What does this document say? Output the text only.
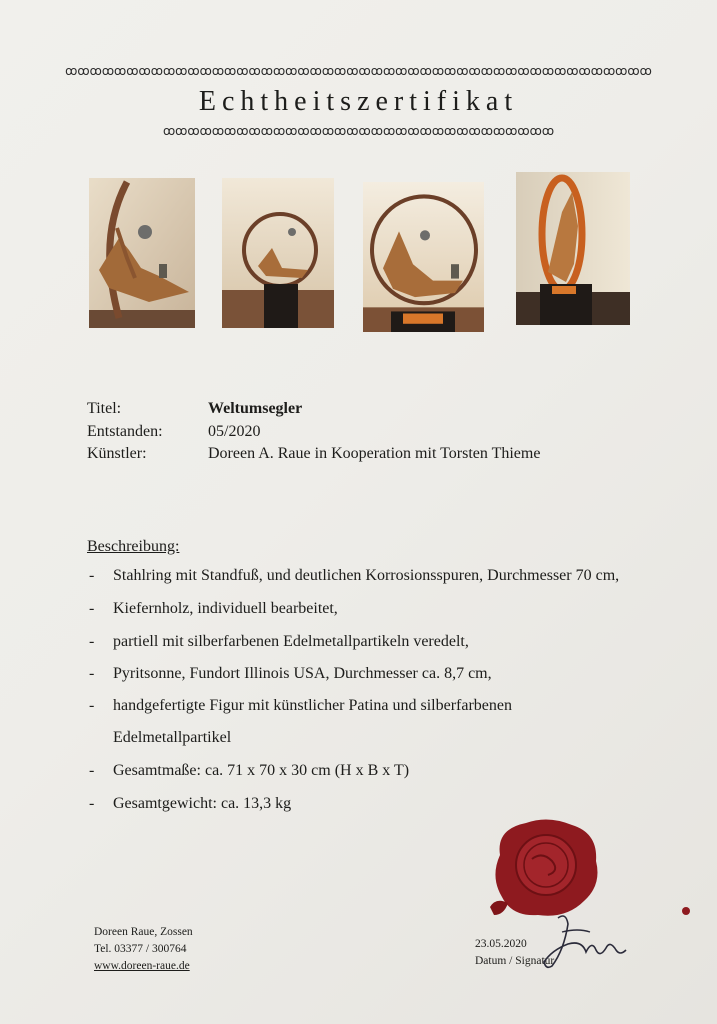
ꝏꝏꝏꝏꝏꝏꝏꝏꝏꝏꝏꝏꝏꝏꝏꝏꝏꝏꝏꝏꝏꝏꝏꝏꝏꝏꝏꝏꝏꝏꝏꝏꝏꝏꝏꝏꝏꝏꝏꝏꝏꝏꝏꝏꝏꝏꝏꝏ
Echtheitszertifikat
ꝏꝏꝏꝏꝏꝏꝏꝏꝏꝏꝏꝏꝏꝏꝏꝏꝏꝏꝏꝏꝏꝏꝏꝏꝏꝏꝏꝏꝏꝏꝏꝏ
Titel:	Weltumsegler
Entstanden:	05/2020
Künstler:	Doreen A. Raue in Kooperation mit Torsten Thieme
Beschreibung:
- Stahlring mit Standfuß, und deutlichen Korrosionsspuren, Durchmesser 70 cm,
- Kiefernholz, individuell bearbeitet,
- partiell mit silberfarbenen Edelmetallpartikeln veredelt,
- Pyritsonne, Fundort Illinois USA, Durchmesser ca. 8,7 cm,
- handgefertigte Figur mit künstlicher Patina und silberfarbenen
Edelmetallpartikel
- Gesamtmaße: ca. 71 x 70 x 30 cm (H x B x T)
- Gesamtgewicht: ca. 13,3 kg
Doreen Raue, Zossen
Tel. 03377 / 300764
www.doreen-raue.de
23.05.2020
Datum / Signatur
